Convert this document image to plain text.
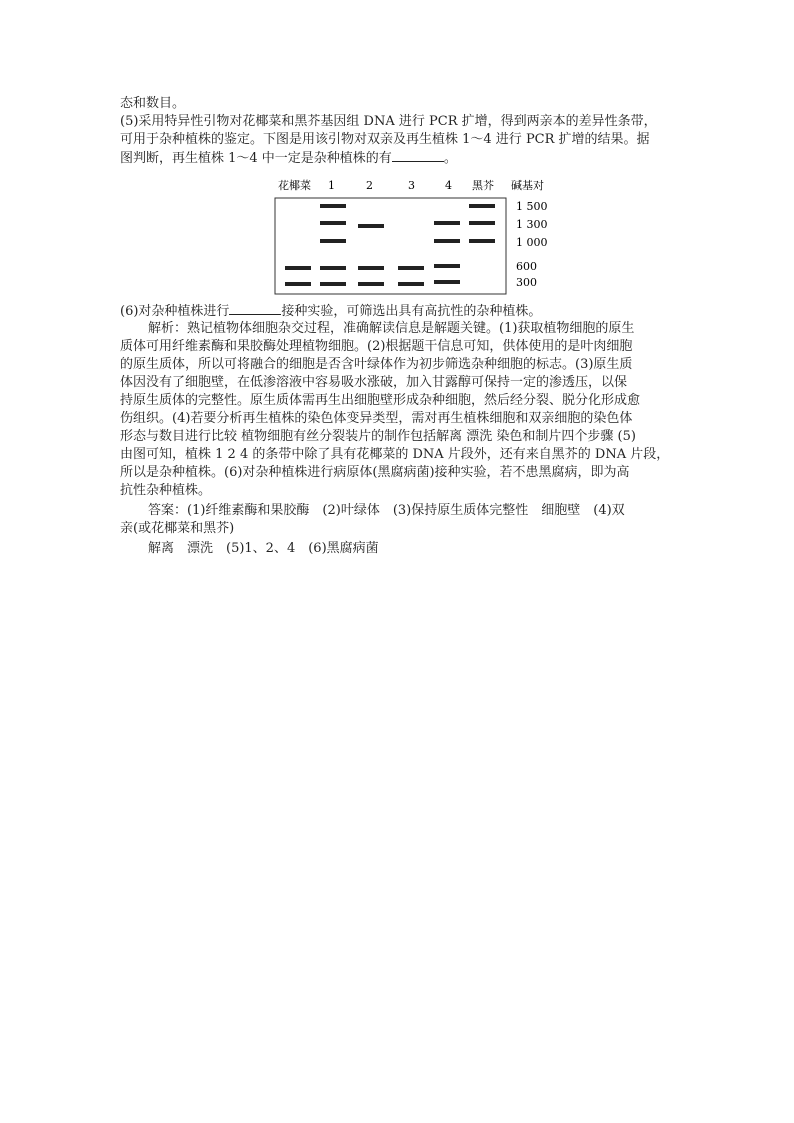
态和数目。
(5)采用特异性引物对花椰菜和黑芥基因组 DNA 进行 PCR 扩增，得到两亲本的差异性条带，
可用于杂种植株的鉴定。下图是用该引物对双亲及再生植株 1～4 进行 PCR 扩增的结果。据
图判断，再生植株 1～4 中一定是杂种植株的有	。
花椰菜 1	2	3	4 黑芥 碱基对
1 500
1 300
1 000
600
300
(6)对杂种植株进行	接种实验，可筛选出具有高抗性的杂种植株。
解析：熟记植物体细胞杂交过程，准确解读信息是解题关键。(1)获取植物细胞的原生
质体可用纤维素酶和果胶酶处理植物细胞。(2)根据题干信息可知，供体使用的是叶肉细胞
的原生质体，所以可将融合的细胞是否含叶绿体作为初步筛选杂种细胞的标志。(3)原生质
体因没有了细胞壁，在低渗溶液中容易吸水涨破，加入甘露醇可保持一定的渗透压，以保
持原生质体的完整性。原生质体需再生出细胞壁形成杂种细胞，然后经分裂、脱分化形成愈
伤组织。(4)若要分析再生植株的染色体变异类型，需对再生植株细胞和双亲细胞的染色体
形态与数目进行比较 植物细胞有丝分裂装片的制作包括解离 漂洗 染色和制片四个步骤 (5)
由图可知，植株 1 2 4 的条带中除了具有花椰菜的 DNA 片段外，还有来自黑芥的 DNA 片段，
所以是杂种植株。(6)对杂种植株进行病原体(黑腐病菌)接种实验，若不患黑腐病，即为高
抗性杂种植株。
答案：(1)纤维素酶和果胶酶　(2)叶绿体　(3)保持原生质体完整性　细胞壁　(4)双
亲(或花椰菜和黑芥)
解离　漂洗　(5)1、2、4　(6)黑腐病菌
